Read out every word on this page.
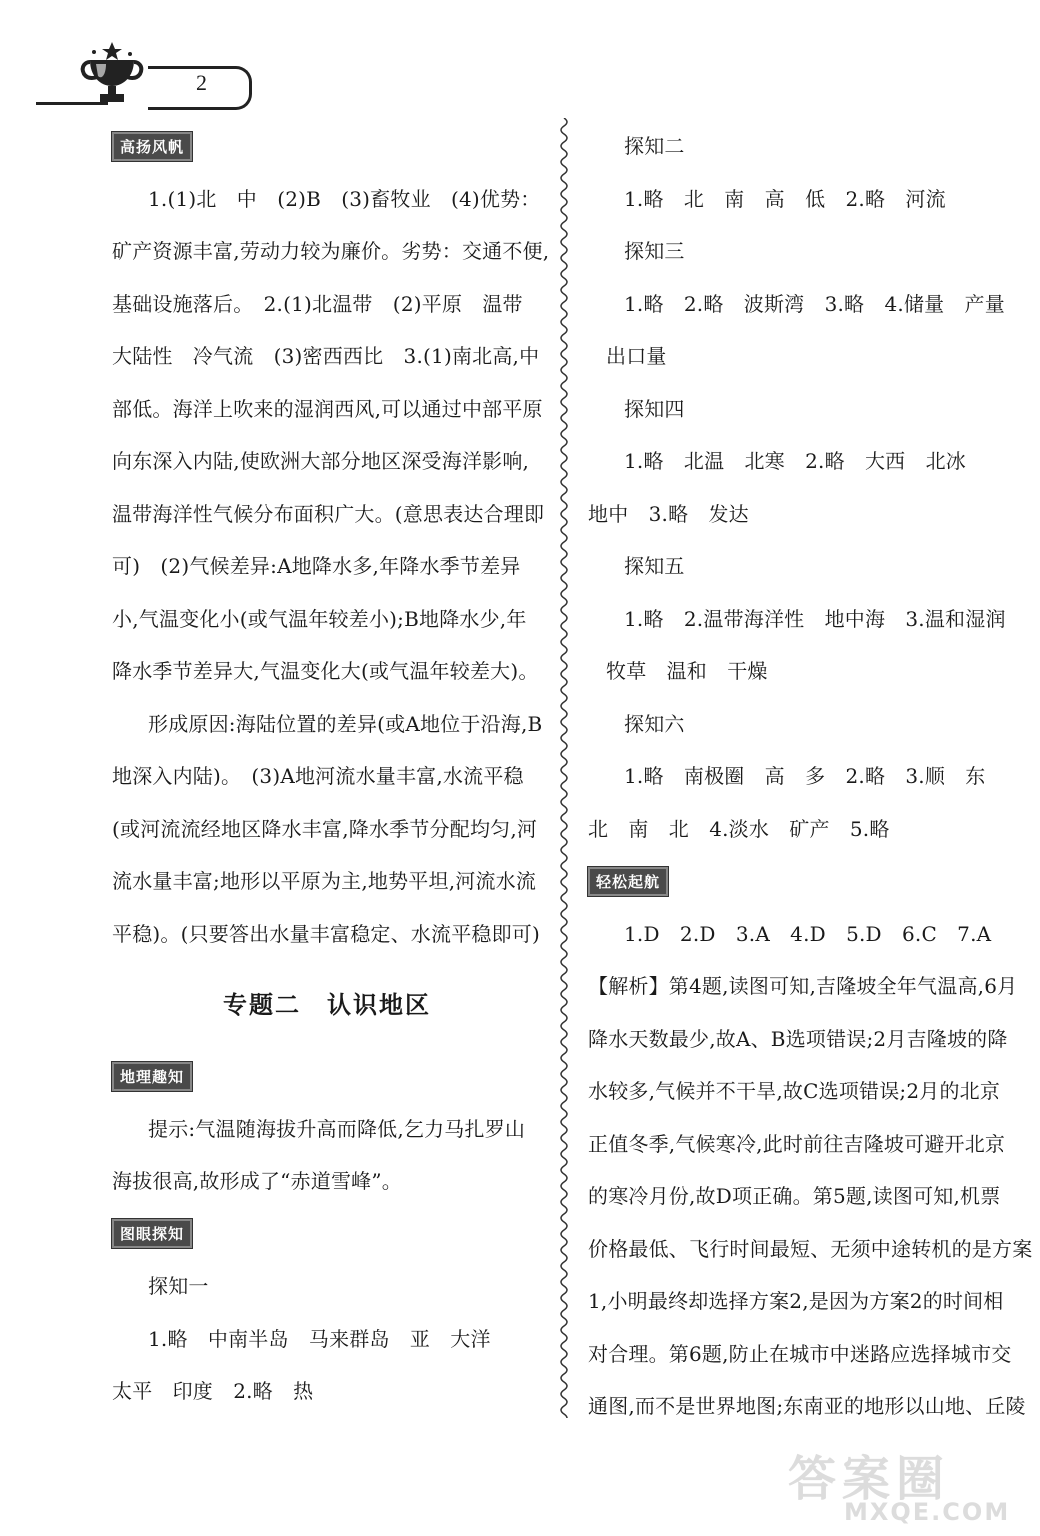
2
高扬风帆

1.(1)北　中　(2)B　(3)畜牧业　(4)优势：

矿产资源丰富,劳动力较为廉价。劣势：交通不便,

基础设施落后。　2.(1)北温带　(2)平原　温带

大陆性　冷气流　(3)密西西比　3.(1)南北高,中

部低。海洋上吹来的湿润西风,可以通过中部平原

向东深入内陆,使欧洲大部分地区深受海洋影响,

温带海洋性气候分布面积广大。(意思表达合理即

可)　(2)气候差异:A地降水多,年降水季节差异

小,气温变化小(或气温年较差小);B地降水少,年

降水季节差异大,气温变化大(或气温年较差大)。

形成原因:海陆位置的差异(或A地位于沿海,B

地深入内陆)。　(3)A地河流水量丰富,水流平稳

(或河流流经地区降水丰富,降水季节分配均匀,河

流水量丰富;地形以平原为主,地势平坦,河流水流

平稳)。(只要答出水量丰富稳定、水流平稳即可)

专题二　认识地区
地理趣知

提示:气温随海拔升高而降低,乞力马扎罗山

海拔很高,故形成了“赤道雪峰”。

图眼探知

探知一

1.略　中南半岛　马来群岛　亚　大洋

太平　印度　2.略　热

探知二

1.略　北　南　高　低　2.略　河流

探知三

1.略　2.略　波斯湾　3.略　4.储量　产量

出口量

探知四

1.略　北温　北寒　2.略　大西　北冰

地中　3.略　发达

探知五

1.略　2.温带海洋性　地中海　3.温和湿润

牧草　温和　干燥

探知六

1.略　南极圈　高　多　2.略　3.顺　东

北　南　北　4.淡水　矿产　5.略

轻松起航

1.D　2.D　3.A　4.D　5.D　6.C　7.A

【解析】第4题,读图可知,吉隆坡全年气温高,6月

降水天数最少,故A、B选项错误;2月吉隆坡的降

水较多,气候并不干旱,故C选项错误;2月的北京

正值冬季,气候寒冷,此时前往吉隆坡可避开北京

的寒冷月份,故D项正确。第5题,读图可知,机票

价格最低、飞行时间最短、无须中途转机的是方案

1,小明最终却选择方案2,是因为方案2的时间相

对合理。第6题,防止在城市中迷路应选择城市交

通图,而不是世界地图;东南亚的地形以山地、丘陵

答案圈
MXQE.COM
